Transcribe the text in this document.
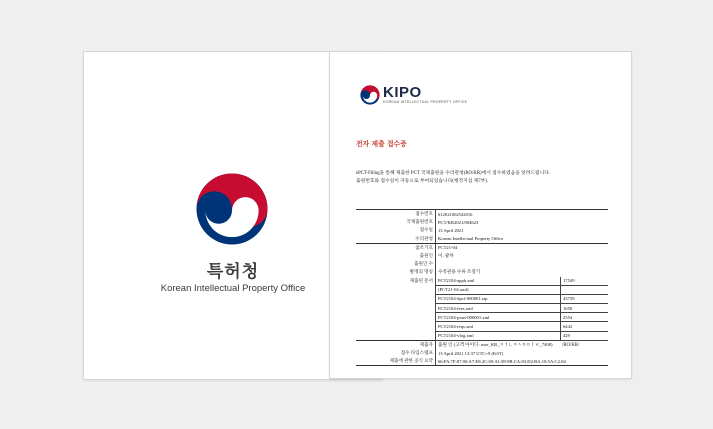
특허청
Korean Intellectual Property Office
KIPO
KOREAN INTELLECTUAL PROPERTY OFFICE
전자 제출 접수증
ePCT-Filing을 통해 제출한 PCT 국제출원을 수리관청(RO/KR)에서 접수하였음을 알려드립니다.
출원번호와 접수일이 자동으로 부여되었습니다(행정지침 제7부).
접수번호	612021002542016	
국제출원번호	PCT/KR2021/004623	
접수일	13 April 2021	
수리관청	Korean Intellectual Property Office	
참조기호	PCT21-04	
출원인	이, 광차	
출원인 수		
발명의 명칭	수족관용 수류 조절기	
제출된 문서	PCT2104-appb.xml	17549
	(PCT21-04.xml)	
	PCT2104-dpcf-000001.zip	43739
	PCT2104-fees.xml	1650
	PCT2104-pous-000001.xml	2554
	PCT2104-reqs.xml	6442
	PCT2104-vlog.xml	429
제출자	출원 인 (고객 아이디: user_KR_ㅈㅓㄴㅈㅅㅇㅇㅣㄹ_7408)	
접수 타임스탬프	13 April 2021 13:37 UTC+9 (KST)	
제출에 관한 공식 요약	66:FA:7F:87:90:A7:E8:2C:69:A1:89:9B:CA:83:D2:BA:18:5A:C2:84	
/RO/KR/
